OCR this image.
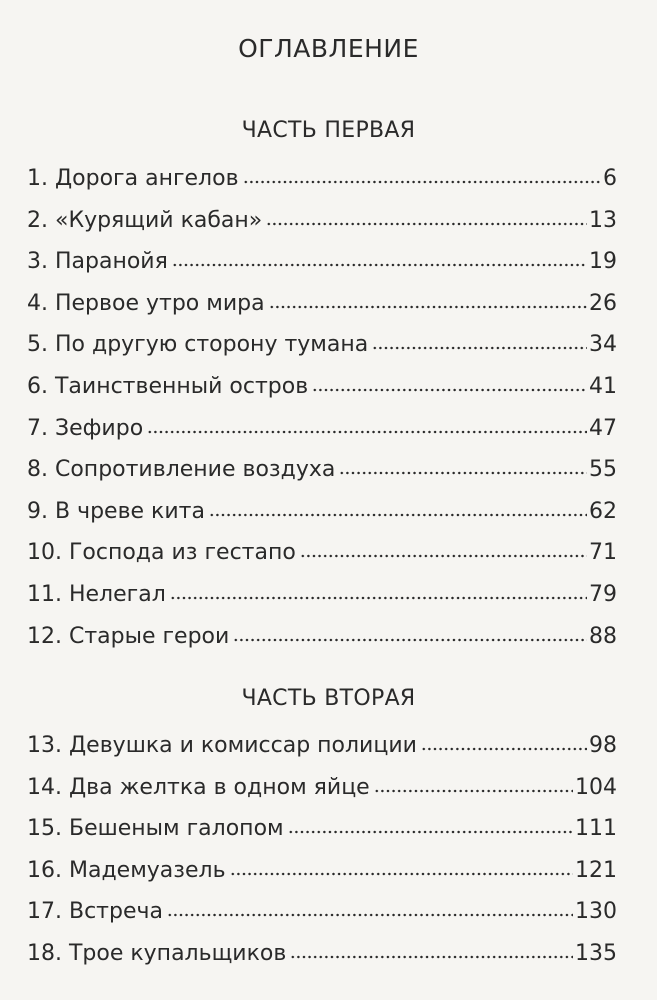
ОГЛАВЛЕНИЕ
ЧАСТЬ ПЕРВАЯ
1. Дорога ангелов	6
2. «Курящий кабан»	13
3. Паранойя	19
4. Первое утро мира	26
5. По другую сторону тумана	34
6. Таинственный остров	41
7. Зефиро	47
8. Сопротивление воздуха	55
9. В чреве кита	62
10. Господа из гестапо	71
11. Нелегал	79
12. Старые герои	88
ЧАСТЬ ВТОРАЯ
13. Девушка и комиссар полиции	98
14. Два желтка в одном яйце	104
15. Бешеным галопом	111
16. Мадемуазель	121
17. Встреча	130
18. Трое купальщиков	135
